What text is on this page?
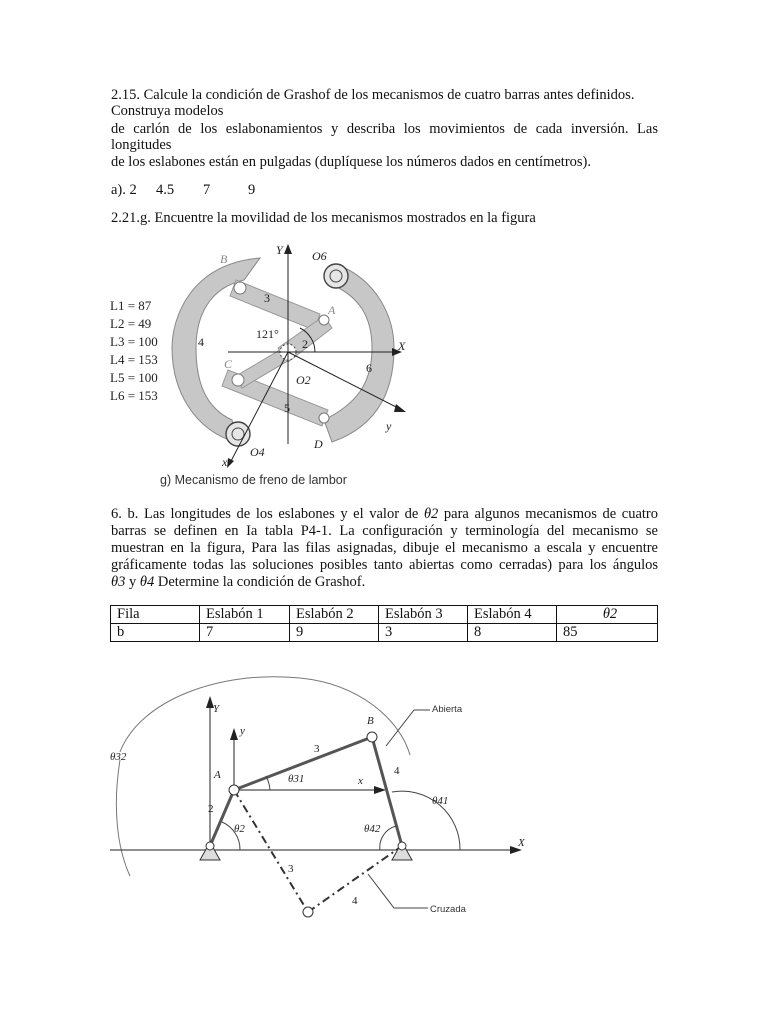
2.15. Calcule la condición de Grashof de los mecanismos de cuatro barras antes definidos.

Construya modelos

de carlón de los eslabonamientos y describa los movimientos de cada inversión. Las

longitudes

de los eslabones están en pulgadas (duplíquese los números dados en centímetros).

a). 2 4.5 7	9

2.21.g. Encuentre la movilidad de los mecanismos mostrados en la figura

L1 = 87
L2 = 49
L3 = 100
L4 = 153
L5 = 100
L6 = 153
B
Y O6
3
A
121°
2	X
4
C
O2
6
5
y
D
O4
x
g) Mecanismo de freno de lambor

6. b. Las longitudes de los eslabones y el valor de θ2 para algunos mecanismos de cuatro

barras se definen en Ia tabla P4-1. La configuración y terminología del mecanismo se

muestran en la figura, Para las filas asignadas, dibuje el mecanismo a escala y encuentre

gráficamente todas las soluciones posibles tanto abiertas como cerradas) para los ángulos

θ3 y θ4 Determine la condición de Grashof.

Fila	Eslabón 1	Eslabón 2	Eslabón 3	Eslabón 4	θ2
b	7	9	3	8	85
Y
y
B
θ32
3
A	θ31	x
4
θ41
2
θ2	θ42
X
3
4
Abierta
Cruzada
